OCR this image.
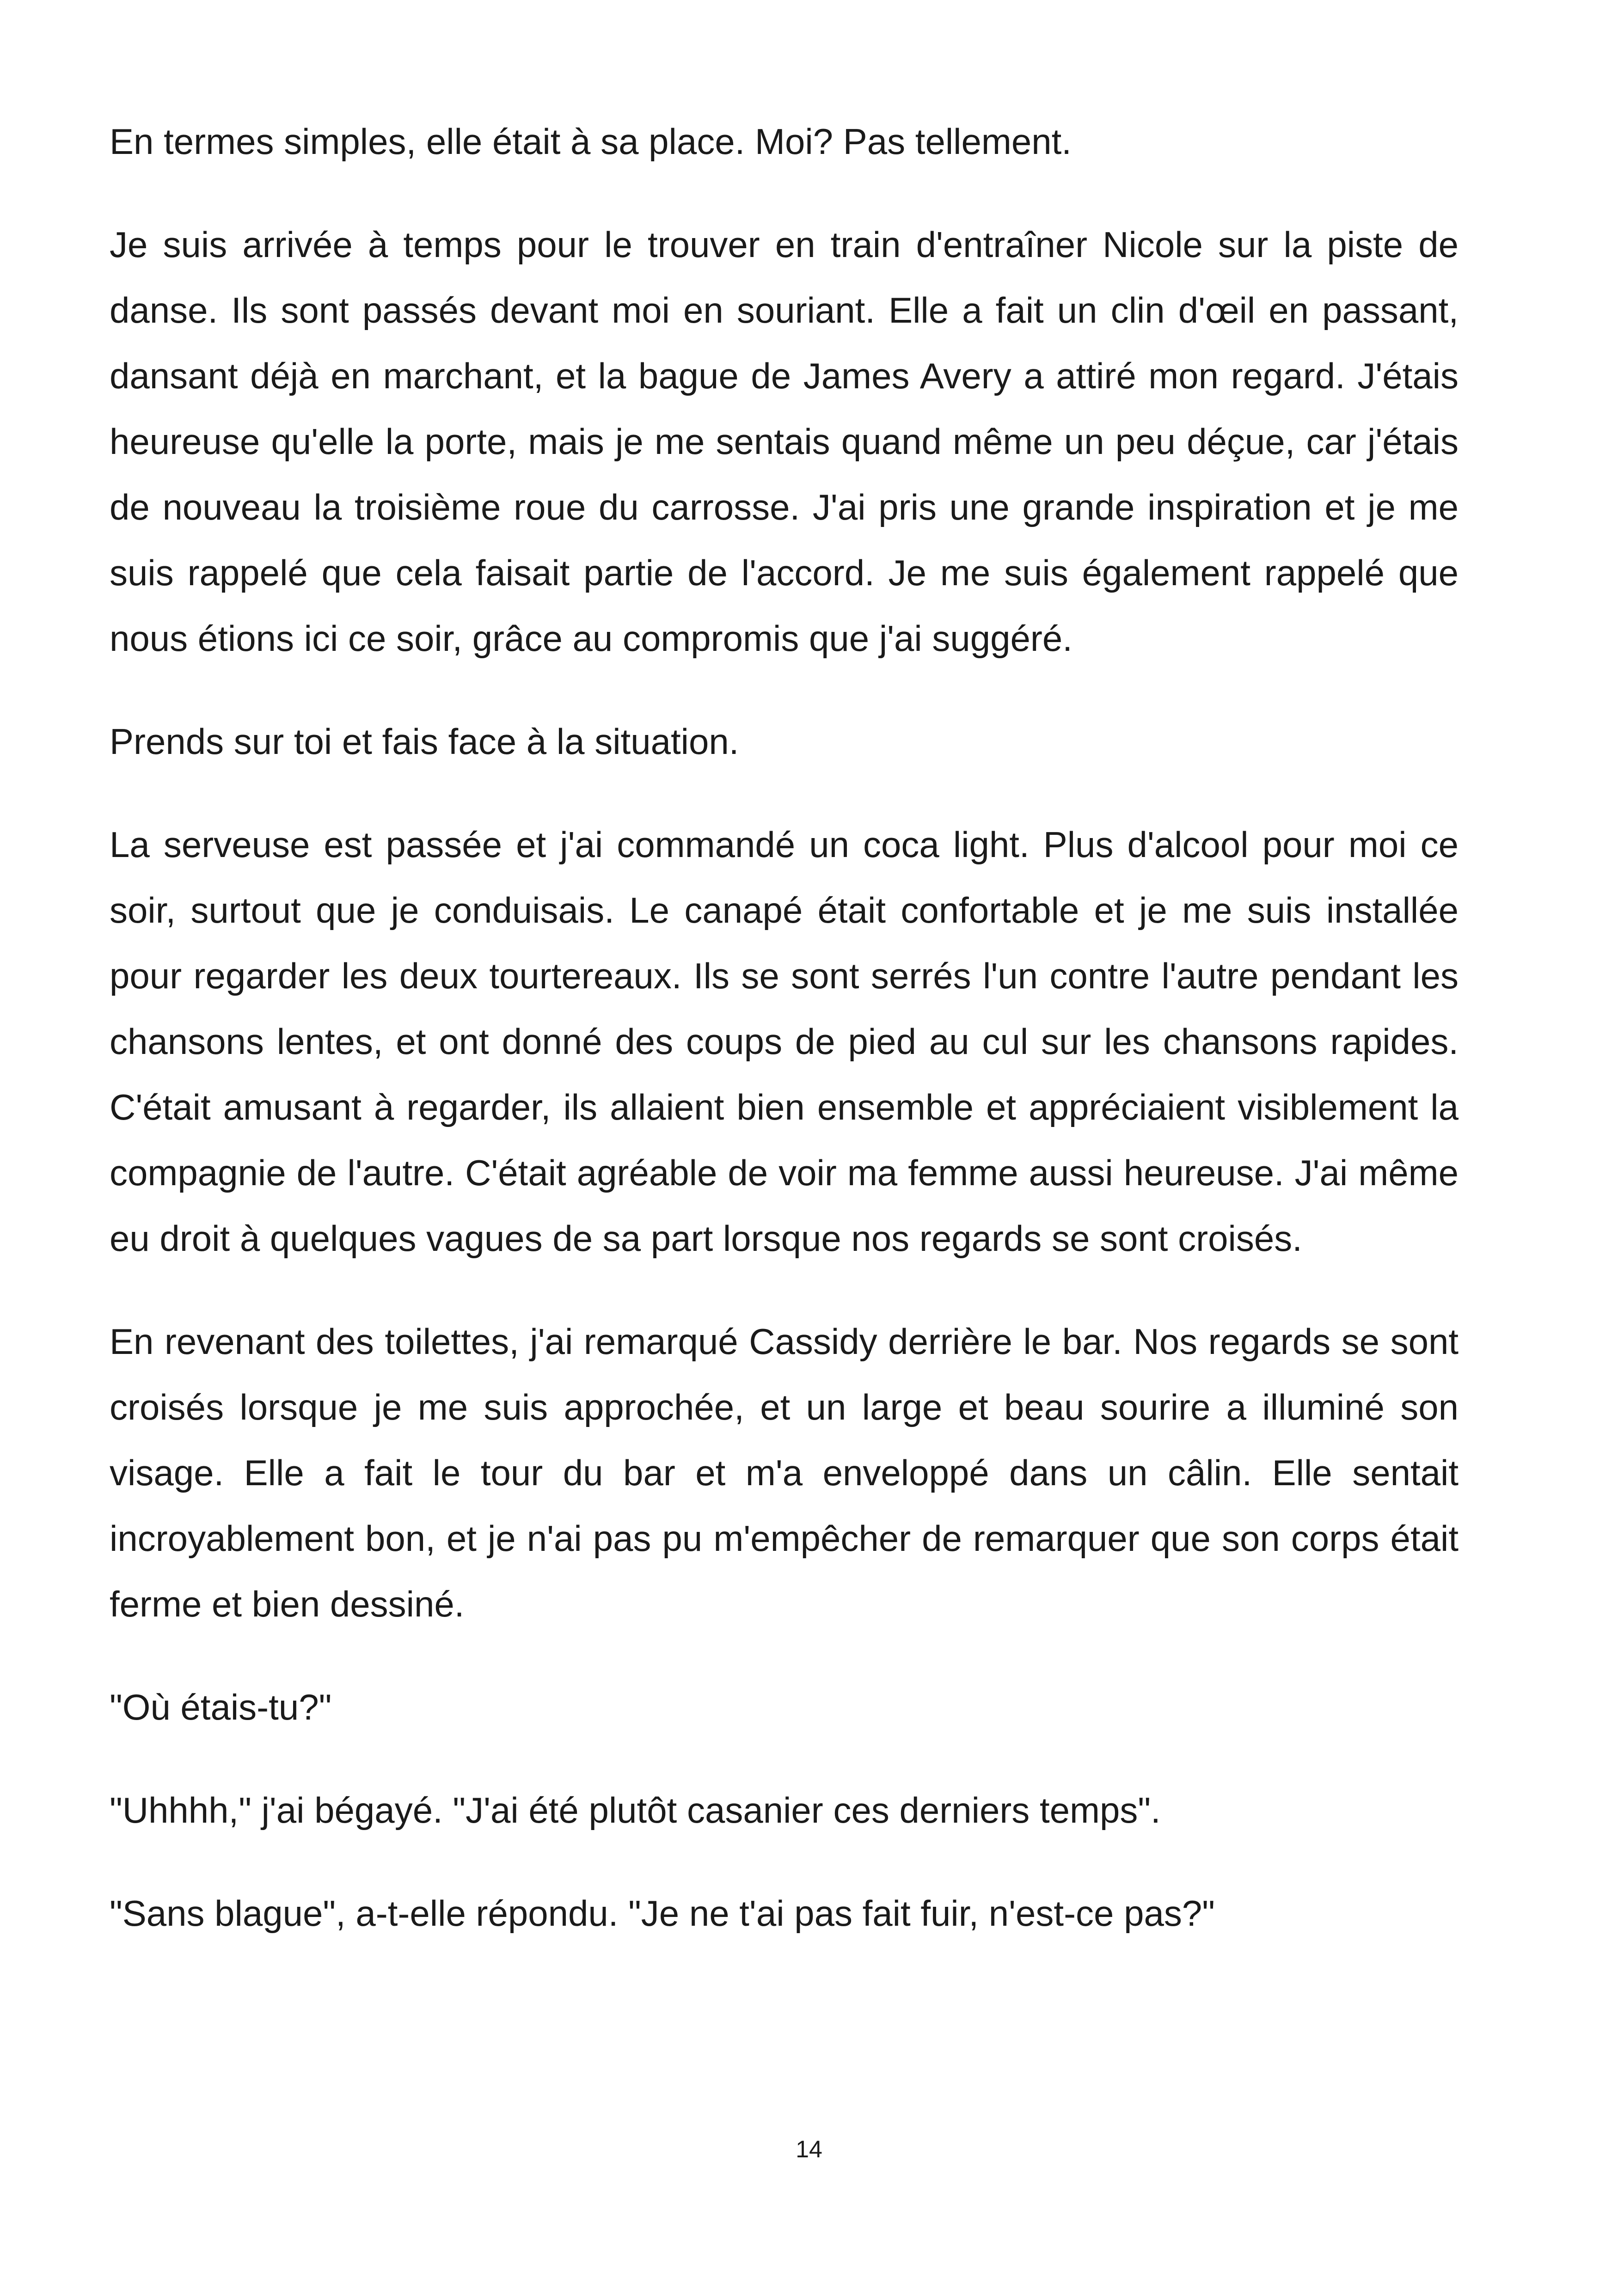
En termes simples, elle était à sa place. Moi? Pas tellement.

Je suis arrivée à temps pour le trouver en train d'entraîner Nicole sur la piste de danse. Ils sont passés devant moi en souriant. Elle a fait un clin d'œil en passant, dansant déjà en marchant, et la bague de James Avery a attiré mon regard. J'étais heureuse qu'elle la porte, mais je me sentais quand même un peu déçue, car j'étais de nouveau la troisième roue du carrosse. J'ai pris une grande inspiration et je me suis rappelé que cela faisait partie de l'accord. Je me suis également rappelé que nous étions ici ce soir, grâce au compromis que j'ai suggéré.

Prends sur toi et fais face à la situation.

La serveuse est passée et j'ai commandé un coca light. Plus d'alcool pour moi ce soir, surtout que je conduisais. Le canapé était confortable et je me suis installée pour regarder les deux tourtereaux. Ils se sont serrés l'un contre l'autre pendant les chansons lentes, et ont donné des coups de pied au cul sur les chansons rapides. C'était amusant à regarder, ils allaient bien ensemble et appréciaient visiblement la compagnie de l'autre. C'était agréable de voir ma femme aussi heureuse. J'ai même eu droit à quelques vagues de sa part lorsque nos regards se sont croisés.

En revenant des toilettes, j'ai remarqué Cassidy derrière le bar. Nos regards se sont croisés lorsque je me suis approchée, et un large et beau sourire a illuminé son visage. Elle a fait le tour du bar et m'a enveloppé dans un câlin. Elle sentait incroyablement bon, et je n'ai pas pu m'empêcher de remarquer que son corps était ferme et bien dessiné.

"Où étais-tu?"

"Uhhhh," j'ai bégayé. "J'ai été plutôt casanier ces derniers temps".

"Sans blague", a-t-elle répondu. "Je ne t'ai pas fait fuir, n'est-ce pas?"

14
